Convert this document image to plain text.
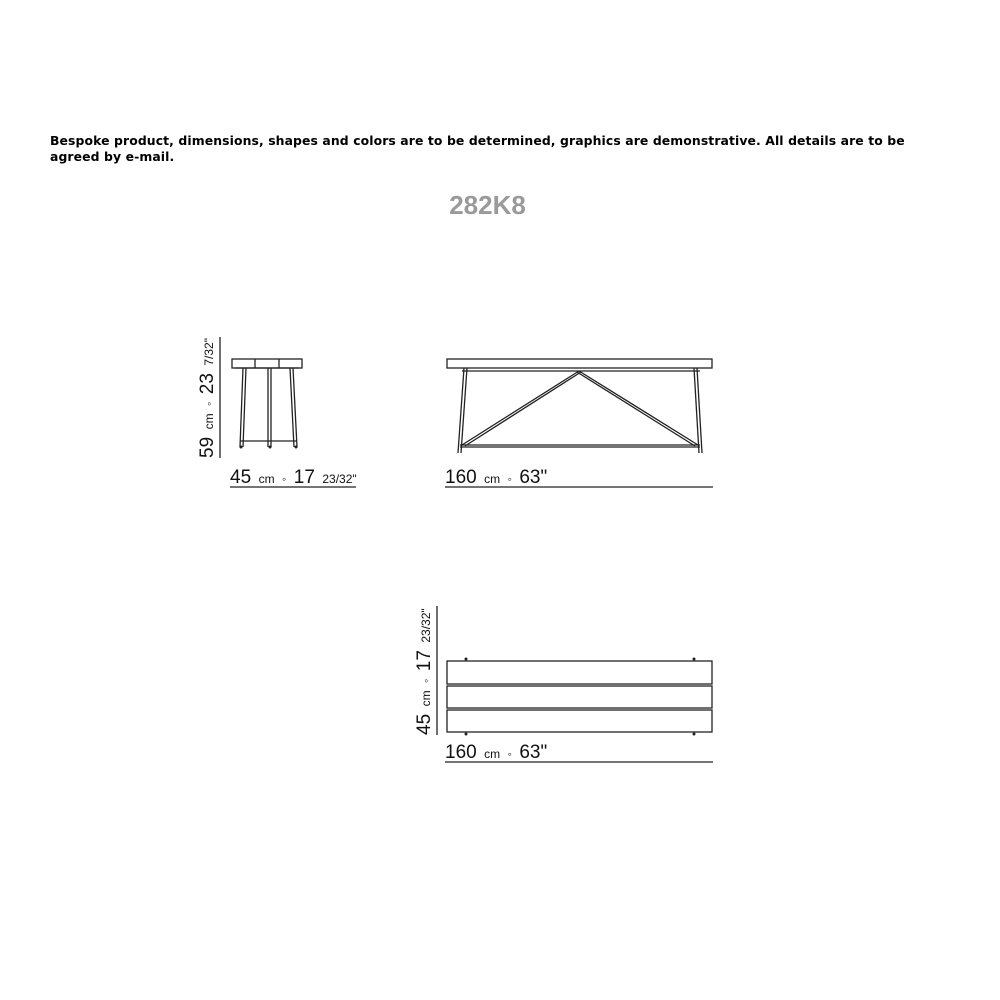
Bespoke product, dimensions, shapes and colors are to be determined, graphics are demonstrative. All details are to be agreed by e-mail.
282K8
59 cm ◦ 23 7/32"
45 cm ◦ 17 23/32"	160 cm ◦ 63"
45 cm ◦ 17 23/32"
160 cm ◦ 63"
